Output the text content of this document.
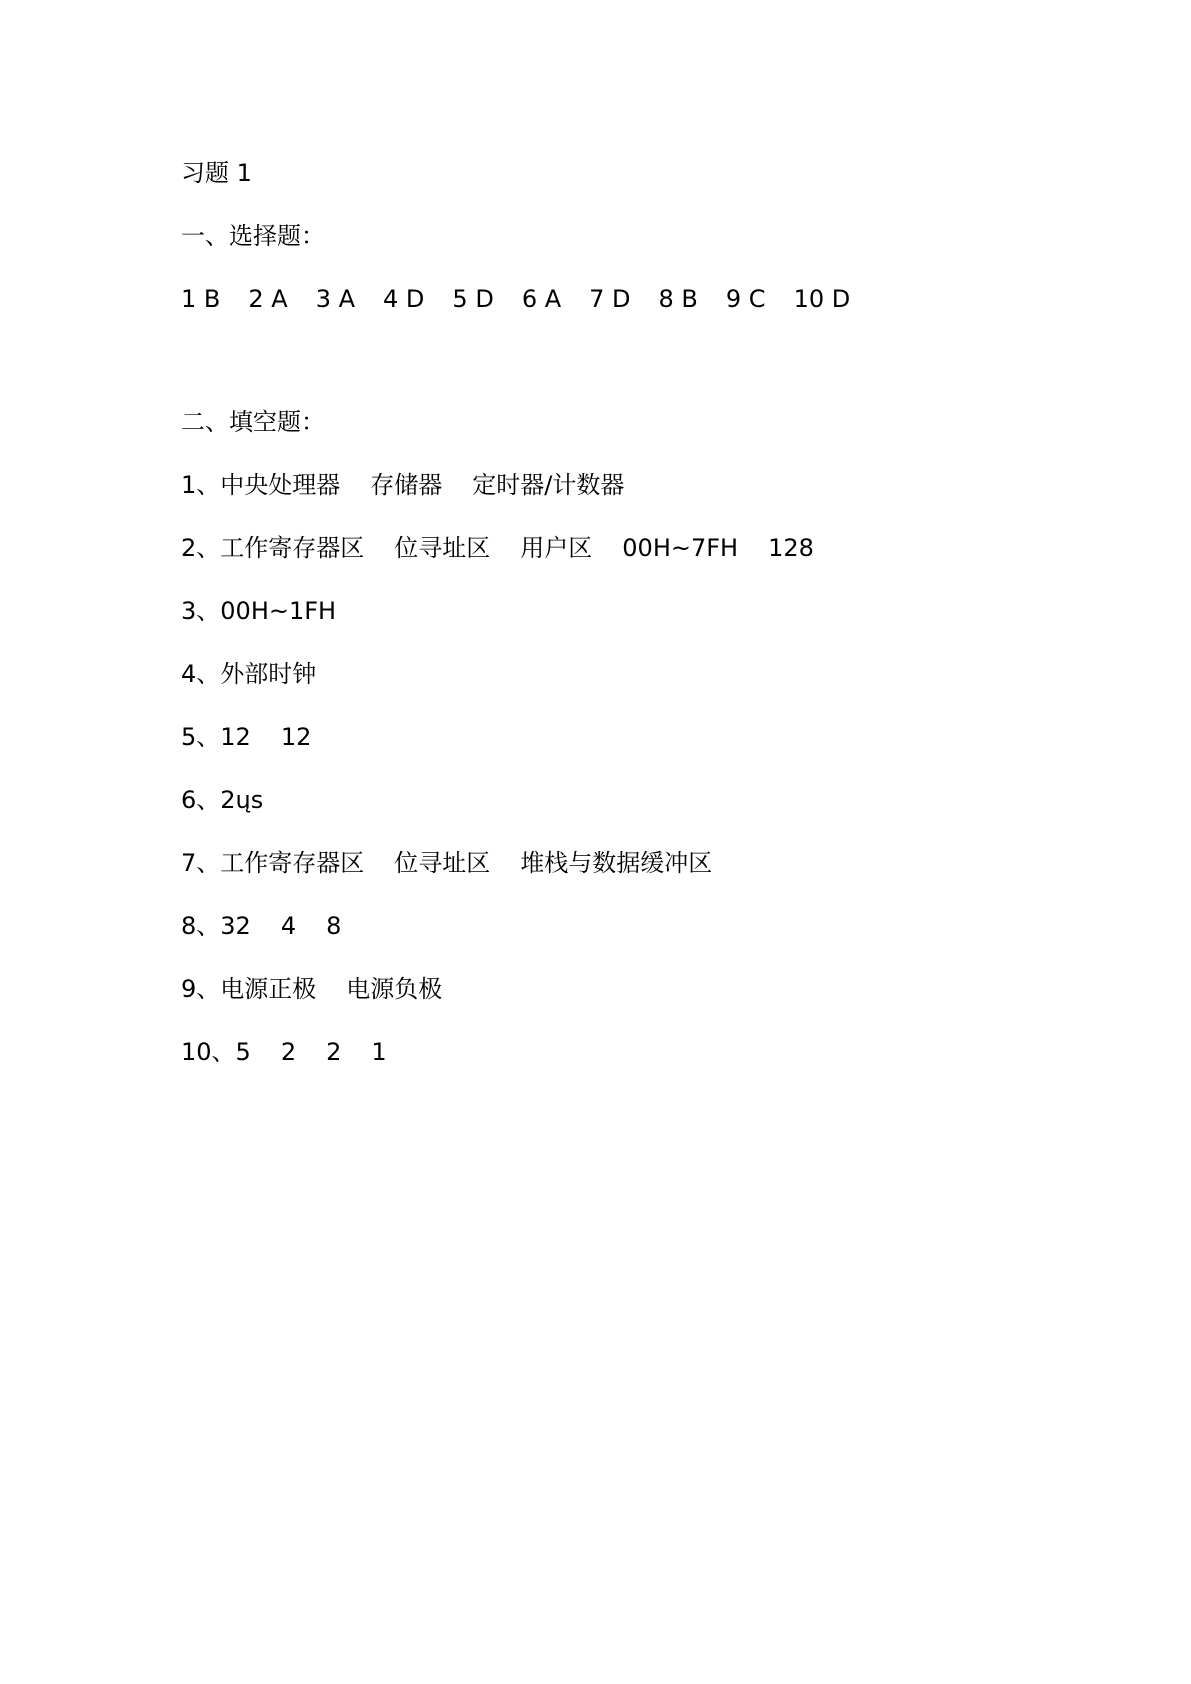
习题 1
一、选择题：
1 B 2 A 3 A 4 D 5 D 6 A 7 D 8 B 9 C 10 D
二、填空题：
1、 中央处理器 存储器 定时器/计数器
2、 工作寄存器区 位寻址区 用户区 00H~7FH 128
3、 00H~1FH
4、 外部时钟
5、 12 12
6、 2ųs
7、 工作寄存器区 位寻址区 堆栈与数据缓冲区
8、 32 4 8
9、 电源正极 电源负极
10、 5 2 2 1
